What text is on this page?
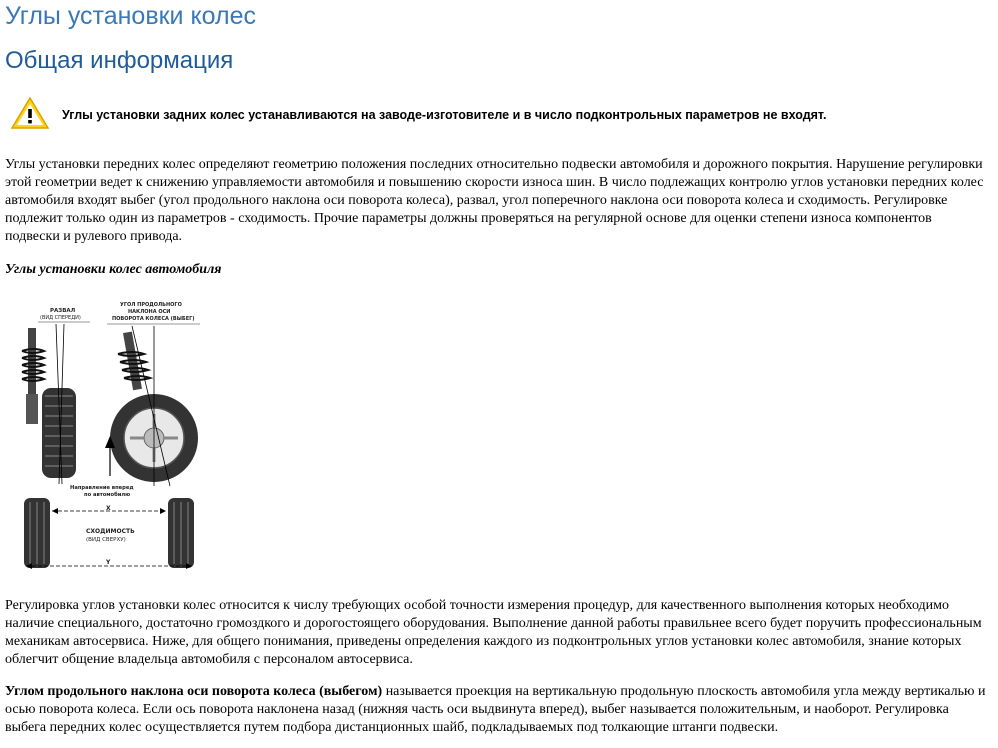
Углы установки колес
Общая информация
Углы установки задних колес устанавливаются на заводе-изготовителе и в число подконтрольных параметров не входят.

Углы установки передних колес определяют геометрию положения последних относительно подвески автомобиля и дорожного покрытия. Нарушение регулировки этой геометрии ведет к снижению управляемости автомобиля и повышению скорости износа шин. В число подлежащих контролю углов установки передних колес автомобиля входят выбег (угол продольного наклона оси поворота колеса), развал, угол поперечного наклона оси поворота колеса и сходимость. Регулировке подлежит только один из параметров - сходимость. Прочие параметры должны проверяться на регулярной основе для оценки степени износа компонентов подвески и рулевого привода.

Углы установки колес автомобиля
РАЗВАЛ
(ВИД СПЕРЕДИ)
УГОЛ ПРОДОЛЬНОГО
НАКЛОНА ОСИ
ПОВОРОТА КОЛЕСА (ВЫБЕГ)
Направление вперед
по автомобилю
X
СХОДИМОСТЬ
(ВИД СВЕРХУ)
Y

Регулировка углов установки колес относится к числу требующих особой точности измерения процедур, для качественного выполнения которых необходимо наличие специального, достаточно громоздкого и дорогостоящего оборудования. Выполнение данной работы правильнее всего будет поручить профессиональным механикам автосервиса. Ниже, для общего понимания, приведены определения каждого из подконтрольных углов установки колес автомобиля, знание которых облегчит общение владельца автомобиля с персоналом автосервиса.

Углом продольного наклона оси поворота колеса (выбегом) называется проекция на вертикальную продольную плоскость автомобиля угла между вертикалью и осью поворота колеса. Если ось поворота наклонена назад (нижняя часть оси выдвинута вперед), выбег называется положительным, и наоборот. Регулировка выбега передних колес осуществляется путем подбора дистанционных шайб, подкладываемых под толкающие штанги подвески.
